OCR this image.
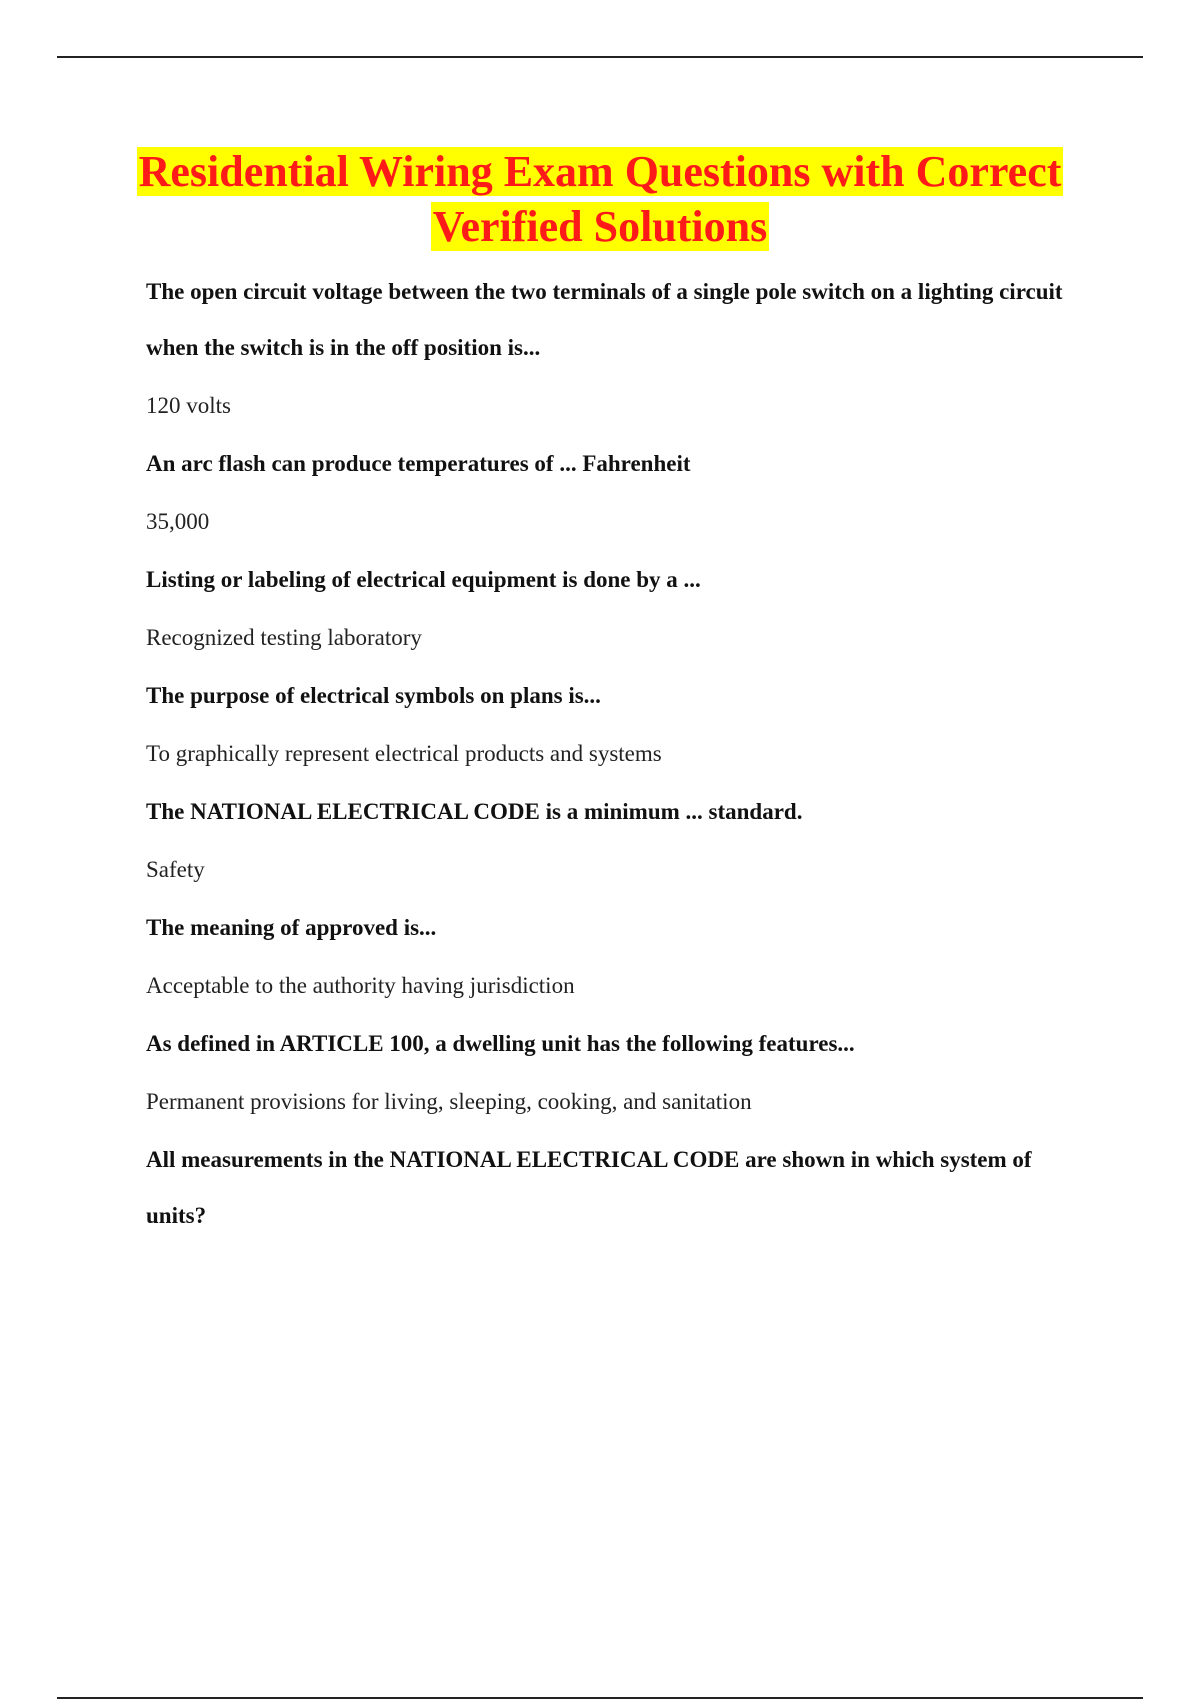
Residential Wiring Exam Questions with Correct
Verified Solutions

The open circuit voltage between the two terminals of a single pole switch on a lighting circuit when the switch is in the off position is...

120 volts

An arc flash can produce temperatures of ... Fahrenheit

35,000

Listing or labeling of electrical equipment is done by a ...

Recognized testing laboratory

The purpose of electrical symbols on plans is...

To graphically represent electrical products and systems

The NATIONAL ELECTRICAL CODE is a minimum ... standard.

Safety

The meaning of approved is...

Acceptable to the authority having jurisdiction

As defined in ARTICLE 100, a dwelling unit has the following features...

Permanent provisions for living, sleeping, cooking, and sanitation

All measurements in the NATIONAL ELECTRICAL CODE are shown in which system of units?
